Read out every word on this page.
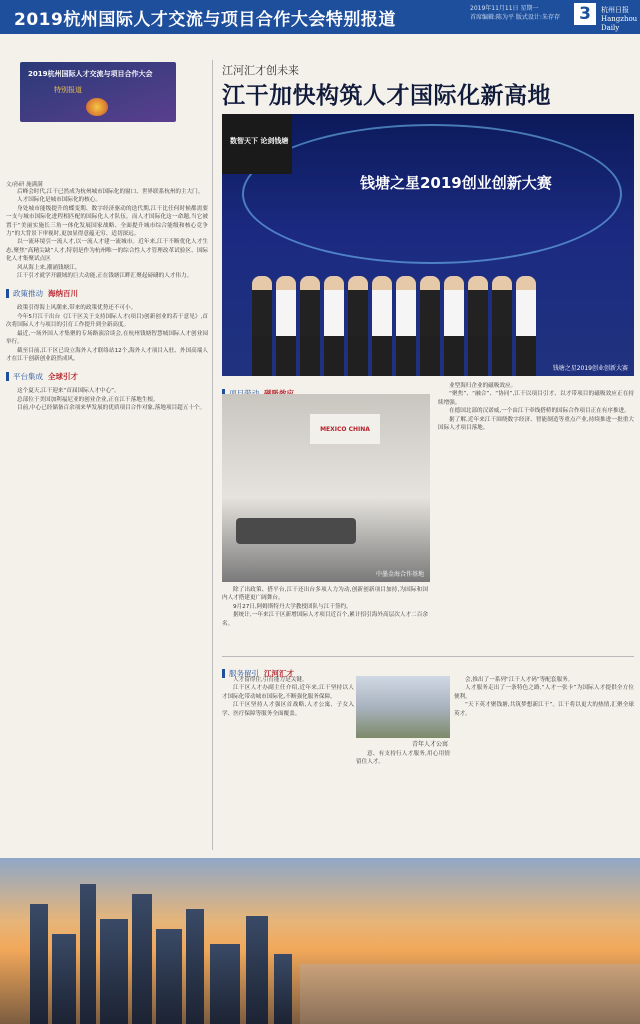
2019杭州国际人才交流与项目合作大会特别报道
2019年11月11日 星期一
首席编辑:陈为平 版式设计:朱存存 3	杭州日报
Hangzhou Daily
2019杭州国际人才交流与项目合作大会
特别报道
文/孙研 施满满

后峰会时代,江干已然成为杭州城市国际化的窗口、世界联系杭州的主大门。

人才国际化是城市国际化的核心。

身处城市能级提升的蝶变期、数字经济驱动的迭代期,江干比任何时候都需要一支与城市国际化进程相匹配的国际化人才队伍。而人才国际化这一命题,当它被置于“美丽实施长三角一体化发展国家战略、全面提升城市综合能级和核心竞争力”的大背景下审视时,更加显得意蕴无穷、适切深远。

以一流环境引一流人才,以一流人才建一流城市。近年来,江干不断优化人才生态,聚焦“高精尖缺”人才,特别是作为杭州唯一的综合性人才管理改革试验区、国际化人才集聚试点区

风从海上来,潮涌钱塘江。

江干引才就学开疆域的巨大动能,正在钱塘江畔汇聚起磅礴的人才伟力。

政策推动 海纳百川

政策引得海上风潮来,带来的政策优势还不可小。

今年5月江干出台《江干区关于支持国际人才(项目)创新创业的若干意见》,首次将国际人才与项目的引育工作提升到全新高度。

最近,一场外国人才集聚的专场路演洽谈会,在杭州钱塘智慧城国际人才创业园举行。

截至目前,江干区已设立海外人才联络站12个,海外人才项目入驻、外国高端人才在江干创新创业蔚然成风。

平台集成 全球引才

这个夏天,江干迎来“首届国际人才中心”。

总部位于美国加利福尼亚的创业企业,正在江干落地生根。

目前,中心已经储备百余项来华发展的优质项目合作对象,落地项目超五十个。

江河汇才创未来
江干加快构筑人才国际化新高地
数智天下 论剑钱塘
钱塘之星2019创业创新大赛
钱塘之星2019创业创新大赛
MEXICO CHINA
中墨金海合作基地

除了出政策、搭平台,江干还出台多项人力为动,创新创新项目加持,为国际和国内人才搭建更广阔舞台。

9月27日,阿姆斯特丹大学教授团队与江干签约。

据统计,一年来江干区新增国际人才项目近百个,累计招引海外高层次人才二百余名。

业型海归企业的磁吸效应。

“聚焦”、“融合”、“协同”,江干以项目引才、以才带项目的磁吸效应正在持续增强。

在德国北部的汉诺威,一个由江干牵线搭桥的国际合作项目正在有序推进。

据了解,近年来江干围绕数字经济、智能制造等重点产业,持续推进一批重大国际人才项目落地。

服务留引 江河汇才

人才留得住,引育能力是关键。

江干区人才办副主任介绍,近年来,江干坚持以人才国际化带动城市国际化,不断强化服务保障。

江干区坚持人才强区首战略,人才公寓、子女入学、医疗保障等服务全面覆盖。

青年人才公寓

意、有支持行人才服务,用心用情留住人才。

会,推出了一系列“江干人才码”等配套服务。

人才服务走出了一条特色之路,“人才一张卡”为国际人才提供全方位便利。

“天下英才聚钱塘,共筑梦想新江干”。江干将以更大的热情,汇聚全球英才。
